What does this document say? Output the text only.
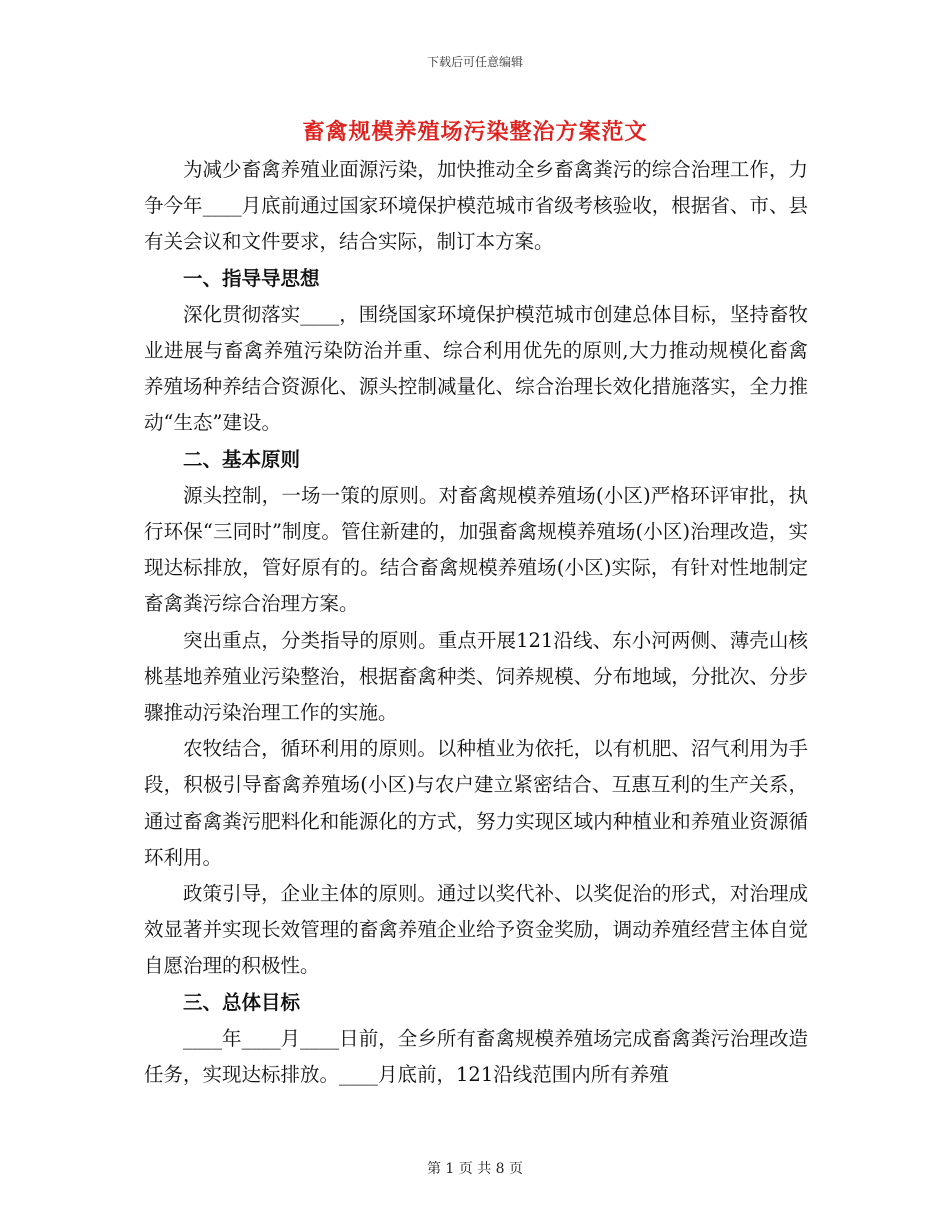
下载后可任意编辑
畜禽规模养殖场污染整治方案范文

为减少畜禽养殖业面源污染，加快推动全乡畜禽粪污的综合治理工作，力争今年____月底前通过国家环境保护模范城市省级考核验收，根据省、市、县有关会议和文件要求，结合实际，制订本方案。

一、指导导思想

深化贯彻落实____，围绕国家环境保护模范城市创建总体目标，坚持畜牧业进展与畜禽养殖污染防治并重、综合利用优先的原则,大力推动规模化畜禽养殖场种养结合资源化、源头控制减量化、综合治理长效化措施落实，全力推动“生态”建设。

二、基本原则

源头控制，一场一策的原则。对畜禽规模养殖场(小区)严格环评审批，执行环保“三同时”制度。管住新建的，加强畜禽规模养殖场(小区)治理改造，实现达标排放，管好原有的。结合畜禽规模养殖场(小区)实际，有针对性地制定畜禽粪污综合治理方案。

突出重点，分类指导的原则。重点开展121沿线、东小河两侧、薄壳山核桃基地养殖业污染整治，根据畜禽种类、饲养规模、分布地域，分批次、分步骤推动污染治理工作的实施。

农牧结合，循环利用的原则。以种植业为依托，以有机肥、沼气利用为手段，积极引导畜禽养殖场(小区)与农户建立紧密结合、互惠互利的生产关系，通过畜禽粪污肥料化和能源化的方式，努力实现区域内种植业和养殖业资源循环利用。

政策引导，企业主体的原则。通过以奖代补、以奖促治的形式，对治理成效显著并实现长效管理的畜禽养殖企业给予资金奖励，调动养殖经营主体自觉自愿治理的积极性。

三、总体目标

____年____月____日前，全乡所有畜禽规模养殖场完成畜禽粪污治理改造任务，实现达标排放。____月底前，121沿线范围内所有养殖

第 1 页 共 8 页
